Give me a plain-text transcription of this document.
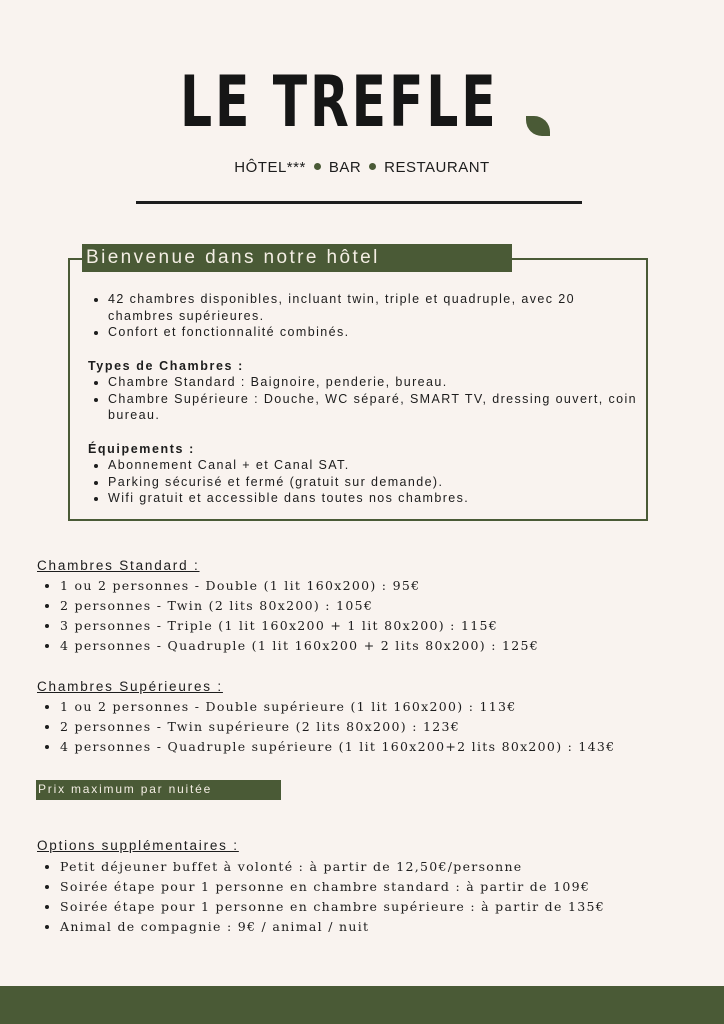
LE TREFLE
HÔTEL*** BAR RESTAURANT
Bienvenue dans notre hôtel
• 42 chambres disponibles, incluant twin, triple et quadruple, avec 20 chambres supérieures.
• Confort et fonctionnalité combinés.
Types de Chambres :
• Chambre Standard : Baignoire, penderie, bureau.
• Chambre Supérieure : Douche, WC séparé, SMART TV, dressing ouvert, coin bureau.
Équipements :
• Abonnement Canal + et Canal SAT.
• Parking sécurisé et fermé (gratuit sur demande).
• Wifi gratuit et accessible dans toutes nos chambres.
Chambres Standard :
• 1 ou 2 personnes - Double (1 lit 160x200) : 95€
• 2 personnes - Twin (2 lits 80x200) : 105€
• 3 personnes - Triple (1 lit 160x200 + 1 lit 80x200) : 115€
• 4 personnes - Quadruple (1 lit 160x200 + 2 lits 80x200) : 125€
Chambres Supérieures :
• 1 ou 2 personnes - Double supérieure (1 lit 160x200) : 113€
• 2 personnes - Twin supérieure (2 lits 80x200) : 123€
• 4 personnes - Quadruple supérieure (1 lit 160x200+2 lits 80x200) : 143€
Prix maximum par nuitée
Options supplémentaires :
• Petit déjeuner buffet à volonté : à partir de 12,50€/personne
• Soirée étape pour 1 personne en chambre standard : à partir de 109€
• Soirée étape pour 1 personne en chambre supérieure : à partir de 135€
• Animal de compagnie : 9€ / animal / nuit
